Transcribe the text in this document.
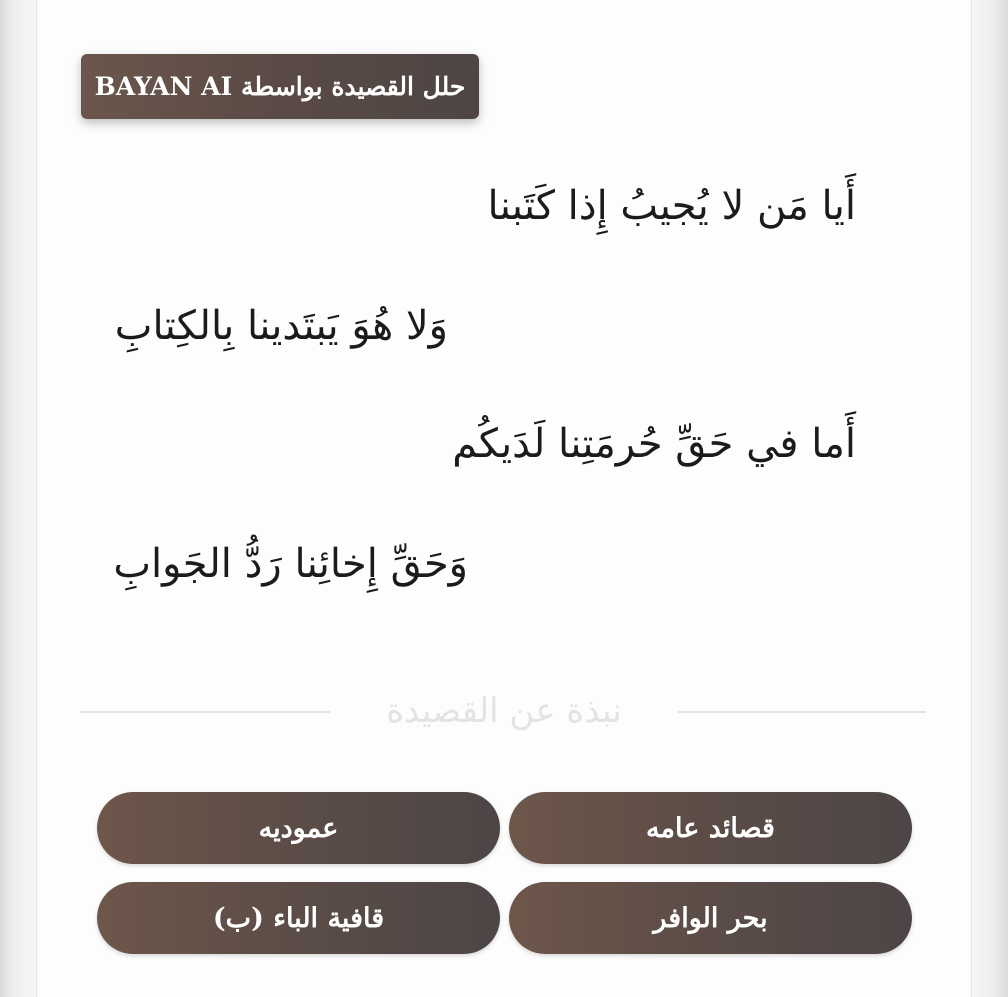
حلل القصيدة بواسطة BAYAN AI
أَيا مَن لا يُجيبُ إِذا كَتَبنا
وَلا هُوَ يَبتَدينا بِالكِتابِ
أَما في حَقِّ حُرمَتِنا لَدَيكُم
وَحَقِّ إِخائِنا رَدُّ الجَوابِ
نبذة عن القصيدة
قصائد عامه
عموديه
بحر الوافر
قافية الباء (ب)
